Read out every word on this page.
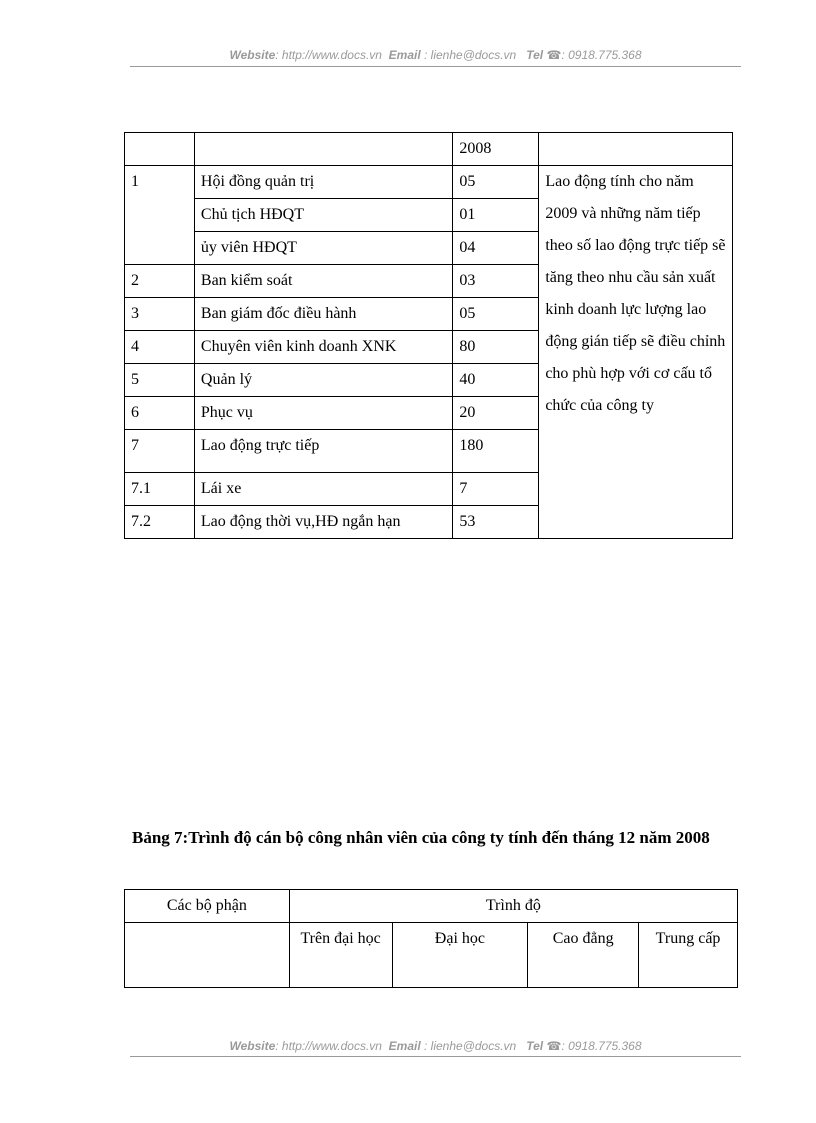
Website: http://www.docs.vn Email : lienhe@docs.vn Tel ☎: 0918.775.368
		2008	
1	Hội đồng quản trị	05	Lao động tính cho năm 2009 và những năm tiếp theo số lao động trực tiếp sẽ tăng theo nhu cầu sản xuất kinh doanh lực lượng lao động gián tiếp sẽ điều chỉnh cho phù hợp với cơ cấu tổ chức của công ty
	Chủ tịch HĐQT	01	
	ủy viên HĐQT	04	
2	Ban kiểm soát	03	
3	Ban giám đốc điều hành	05	
4	Chuyên viên kinh doanh XNK	80	
5	Quản lý	40	
6	Phục vụ	20	
7	Lao động trực tiếp	180	
7.1	Lái xe	7	
7.2	Lao động thời vụ,HĐ ngắn hạn	53	
Bảng 7:Trình độ cán bộ công nhân viên của công ty tính đến tháng 12 năm 2008
Các bộ phận	Trình độ			
	Trên đại học	Đại học	Cao đẳng	Trung cấp
Website: http://www.docs.vn Email : lienhe@docs.vn Tel ☎: 0918.775.368
